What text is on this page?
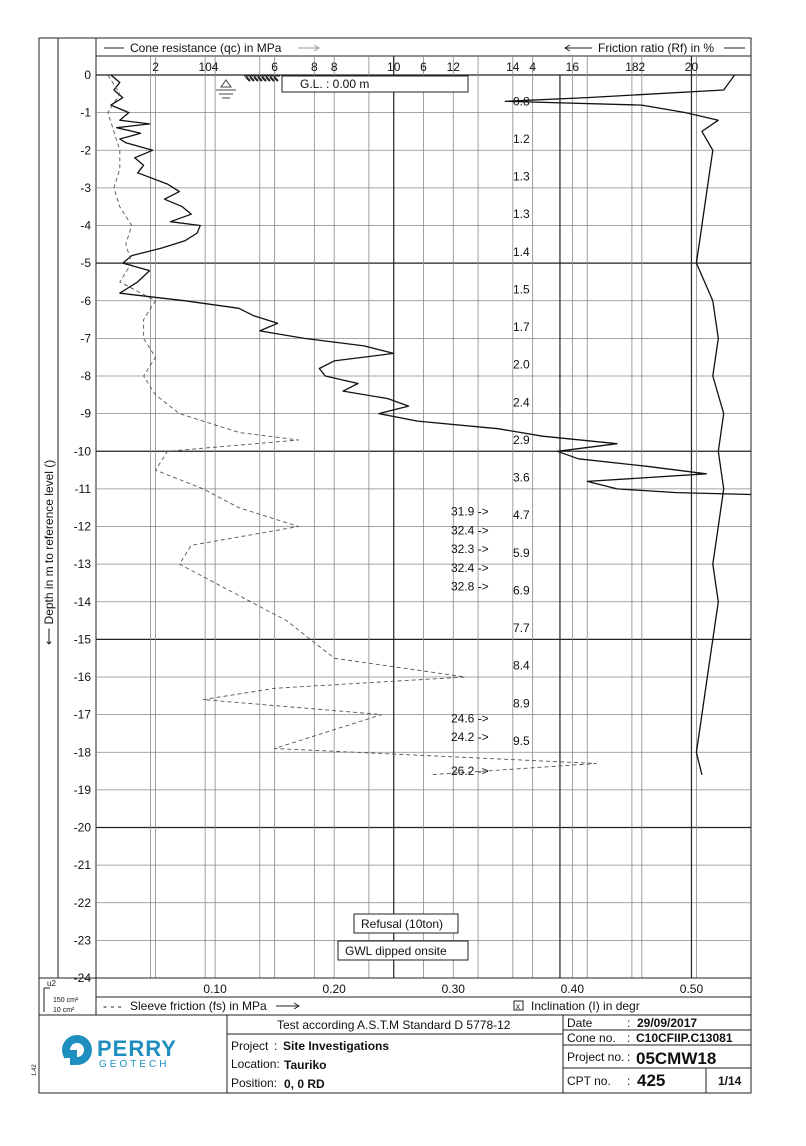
Cone resistance (qc) in MPa	Friction ratio (Rf) in %
2	4	6	8	10	12	14	16	18	20
10	8	6	4	2
0
-1
-2
-3
-4
-5
-6
-7
-8
-9
-10
-11
-12
-13
-14
-15
-16
-17
-18
-19
-20
-21
-22
-23
-24
G.L. : 0.00 m
0.8
1.2
1.3
1.3
1.4
1.5
1.7
2.0
2.4
2.9
3.6
4.7
5.9
6.9
7.7
8.4
8.9
9.5
31.9 ->
32.4 ->
32.3 ->
32.4 ->
32.8 ->
24.6 ->
24.2 ->
26.2 ->
⟵ Depth in m to reference level ()
Refusal (10ton)
GWL dipped onsite
0.10	0.20	0.30	0.40	0.50
u2
150 cm²
10 cm² - - - Sleeve friction (fs) in MPa	x Inclination (I) in degr
PERRY
GEOTECH
1.42
Test according A.S.T.M Standard D 5778-12
Project : Site Investigations
Location: Tauriko
Position: 0, 0 RD
Date	: 29/09/2017
Cone no. : C10CFIIP.C13081
Project no. : 05CMW18
CPT no. : 425	1/14
